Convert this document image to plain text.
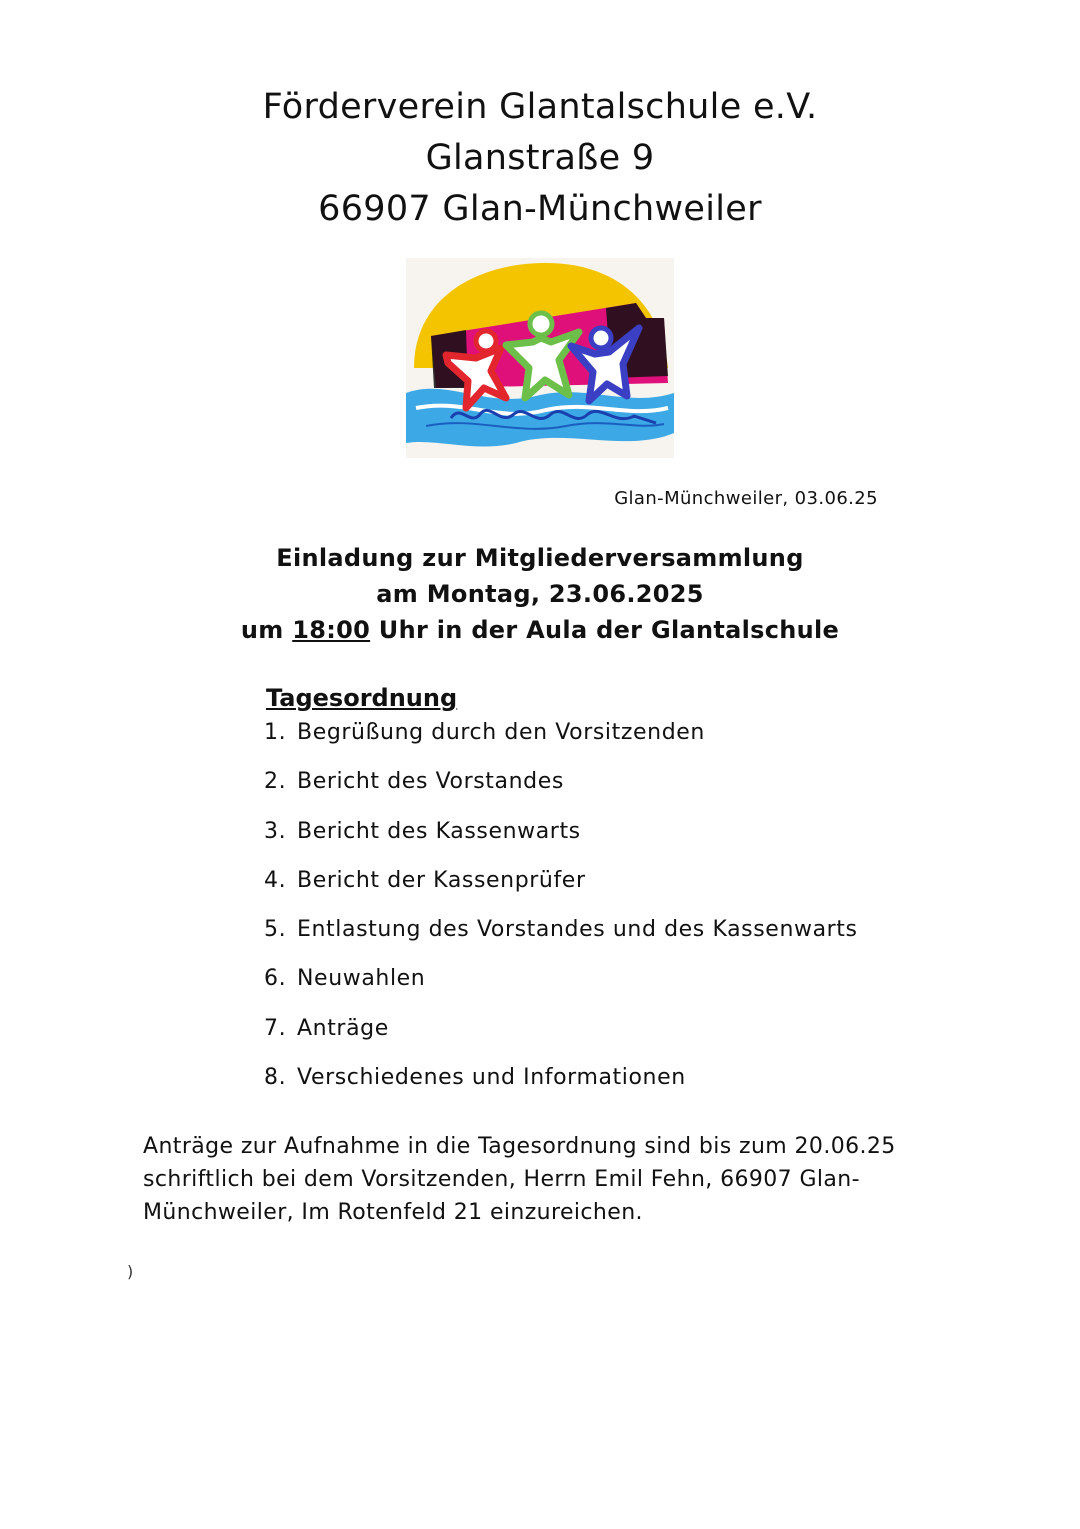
Förderverein Glantalschule e.V.
Glanstraße 9
66907 Glan-Münchweiler
Glan-Münchweiler, 03.06.25
Einladung zur Mitgliederversammlung
am Montag, 23.06.2025
um 18:00 Uhr in der Aula der Glantalschule
Tagesordnung
1. Begrüßung durch den Vorsitzenden
2. Bericht des Vorstandes
3. Bericht des Kassenwarts
4. Bericht der Kassenprüfer
5. Entlastung des Vorstandes und des Kassenwarts
6. Neuwahlen
7. Anträge
8. Verschiedenes und Informationen
Anträge zur Aufnahme in die Tagesordnung sind bis zum 20.06.25 schriftlich bei dem Vorsitzenden, Herrn Emil Fehn, 66907 Glan-Münchweiler, Im Rotenfeld 21 einzureichen.
)
